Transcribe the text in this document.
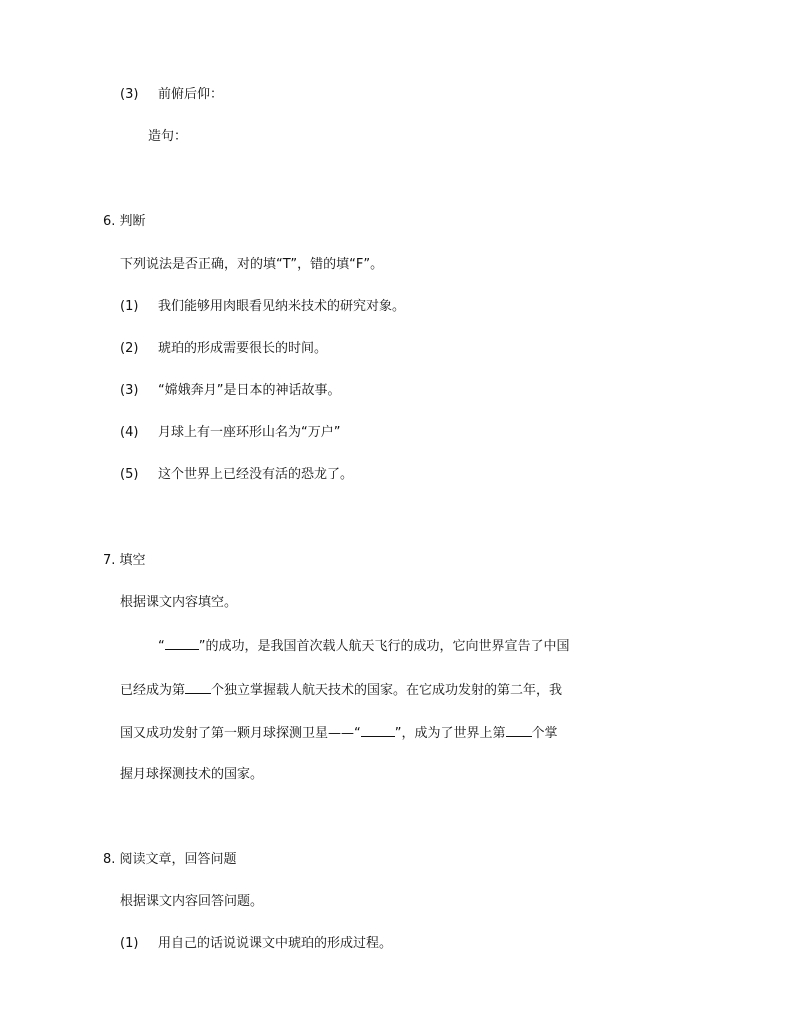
(3) 前俯后仰：
造句：
6. 判断
下列说法是否正确，对的填“T”，错的填“F”。
(1) 我们能够用肉眼看见纳米技术的研究对象。
(2) 琥珀的形成需要很长的时间。
(3) “嫦娥奔月”是日本的神话故事。
(4) 月球上有一座环形山名为“万户”
(5) 这个世界上已经没有活的恐龙了。
7. 填空
根据课文内容填空。
“	”的成功，是我国首次载人航天飞行的成功，它向世界宣告了中国
已经成为第 个独立掌握载人航天技术的国家。在它成功发射的第二年，我
国又成功发射了第一颗月球探测卫星——“	”，成为了世界上第 个掌
握月球探测技术的国家。
8. 阅读文章，回答问题
根据课文内容回答问题。
(1) 用自己的话说说课文中琥珀的形成过程。
